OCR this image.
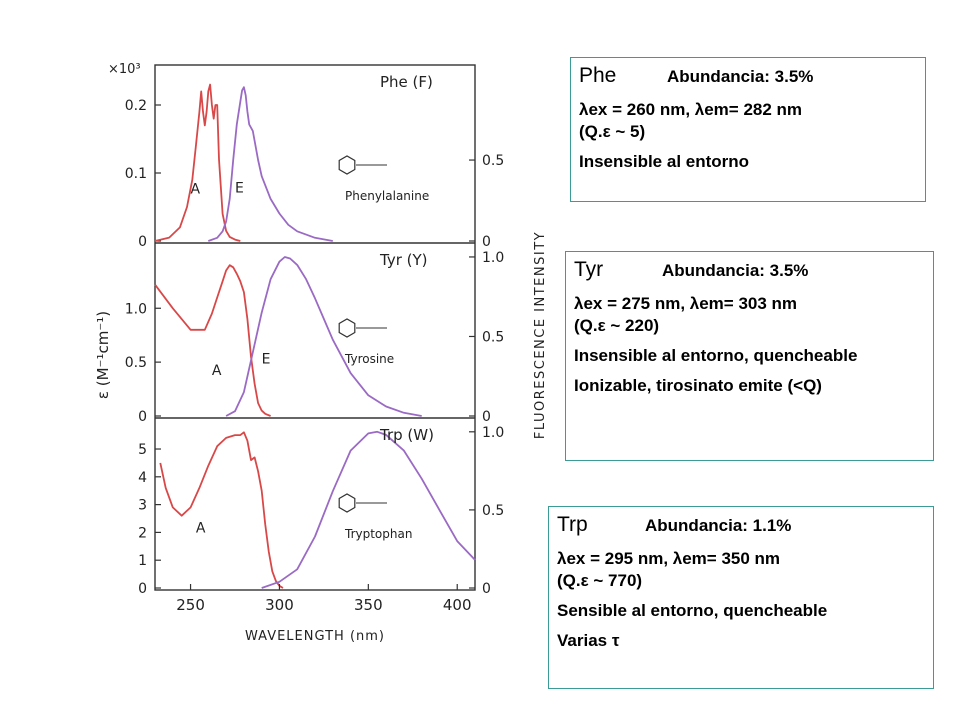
×10³
0
0.1
0.2
0
0.5
Phe (F)
Phenylalanine
A E
0
0.5
1.0
0
0.5
1.0
Tyr (Y)
Tyrosine
A
E
0
1
2
3
4
5
0
0.5
1.0
Trp (W)
Tryptophan
A
250	300	350	400
WAVELENGTH (nm)
ε (M⁻¹cm⁻¹)	FLUORESCENCE INTENSITY
Phe	Abundancia: 3.5%

λex = 260 nm, λem= 282 nm

(Q.ε ~ 5)

Insensible al entorno

Tyr	Abundancia: 3.5%

λex = 275 nm, λem= 303 nm

(Q.ε ~ 220)

Insensible al entorno, quencheable

Ionizable, tirosinato emite (<Q)

Trp	Abundancia: 1.1%

λex = 295 nm, λem= 350 nm

(Q.ε ~ 770)

Sensible al entorno, quencheable

Varias τ
